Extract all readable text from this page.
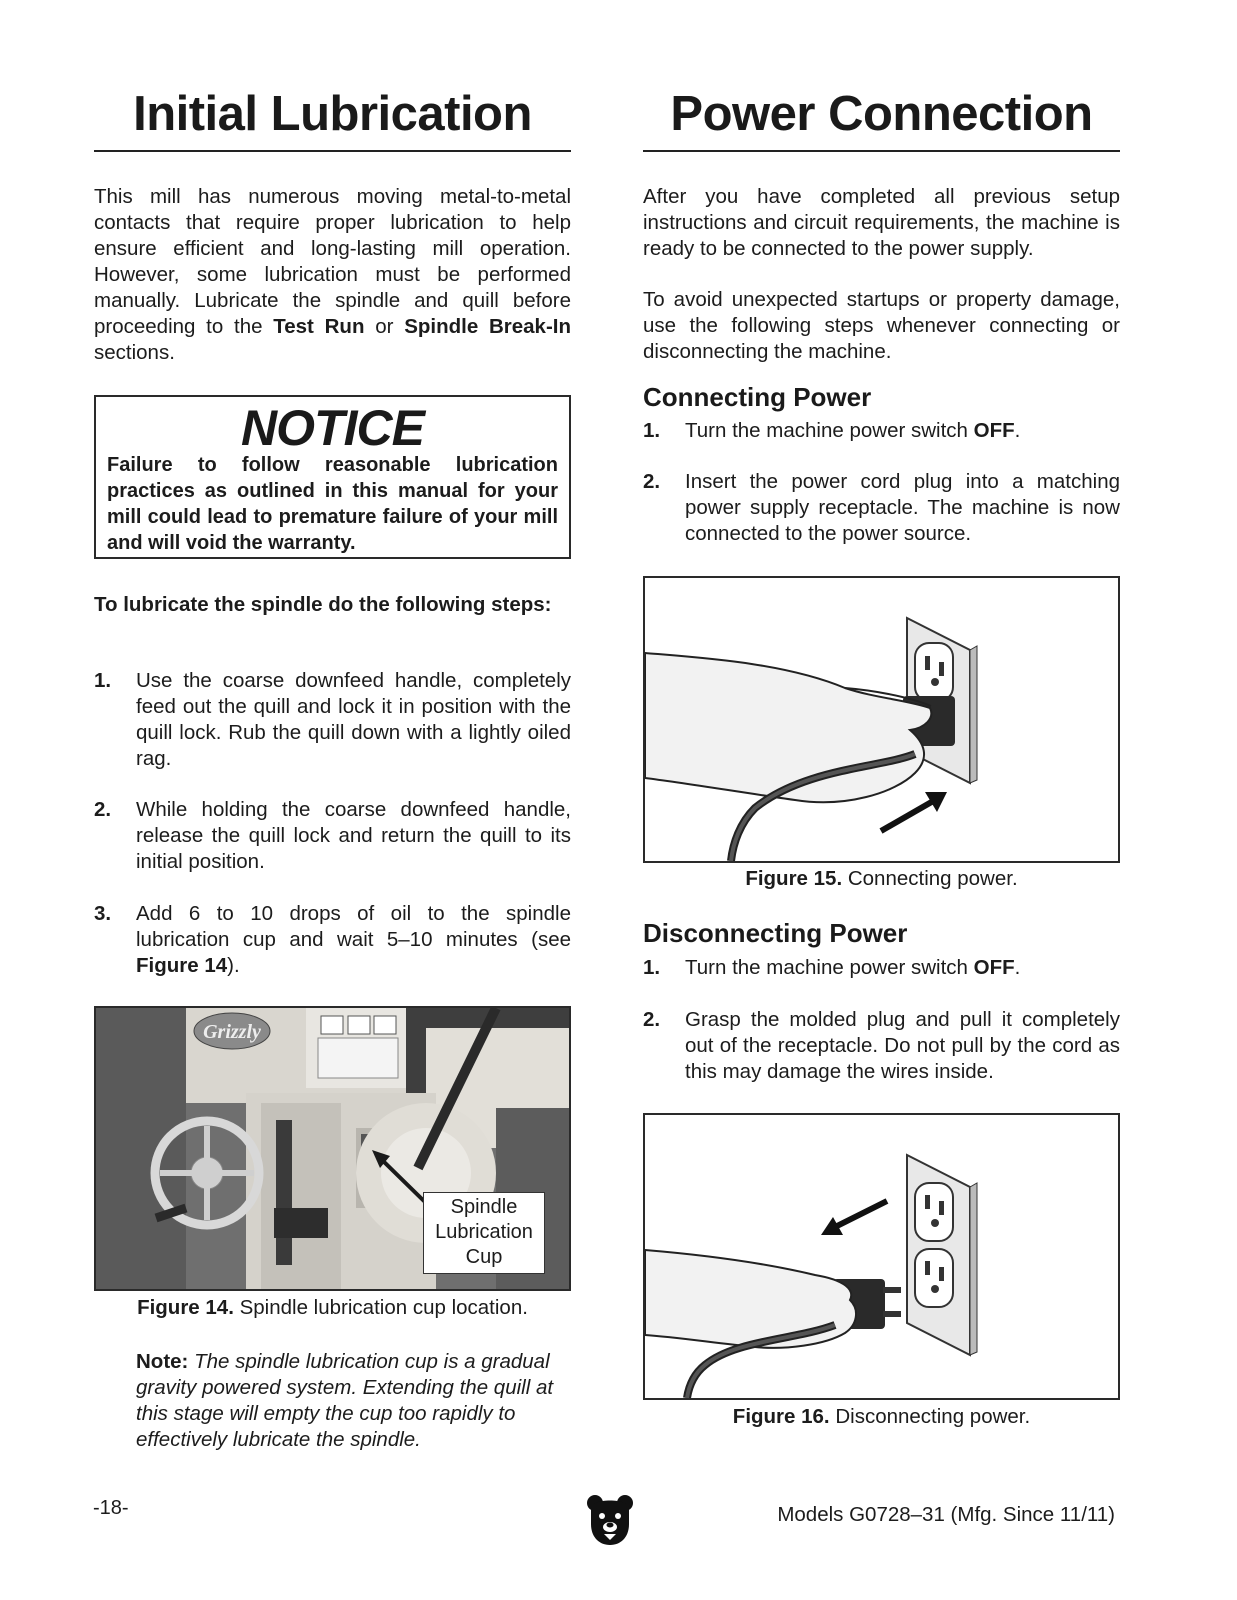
Initial Lubrication

This mill has numerous moving metal-to-metal contacts that require proper lubrication to help ensure efficient and long-lasting mill operation. However, some lubrication must be performed manually. Lubricate the spindle and quill before proceeding to the Test Run or Spindle Break-In sections.

NOTICE
Failure to follow reasonable lubrication practices as outlined in this manual for your mill could lead to premature failure of your mill and will void the warranty.

To lubricate the spindle do the following steps:

1. Use the coarse downfeed handle, completely feed out the quill and lock it in position with the quill lock. Rub the quill down with a lightly oiled rag.
2. While holding the coarse downfeed handle, release the quill lock and return the quill to its initial position.
3. Add 6 to 10 drops of oil to the spindle lubrication cup and wait 5–10 minutes (see Figure 14).
Grizzly
Spindle
Lubrication
Cup

Figure 14. Spindle lubrication cup location.

Note: The spindle lubrication cup is a gradual gravity powered system. Extending the quill at this stage will empty the cup too rapidly to effectively lubricate the spindle.

Power Connection

After you have completed all previous setup instructions and circuit requirements, the machine is ready to be connected to the power supply.

To avoid unexpected startups or property damage, use the following steps whenever connecting or disconnecting the machine.

Connecting Power
1. Turn the machine power switch OFF.
2. Insert the power cord plug into a matching power supply receptacle. The machine is now connected to the power source.

Figure 15. Connecting power.

Disconnecting Power
1. Turn the machine power switch OFF.
2. Grasp the molded plug and pull it completely out of the receptacle. Do not pull by the cord as this may damage the wires inside.

Figure 16. Disconnecting power.

-18-	Models G0728–31 (Mfg. Since 11/11)
